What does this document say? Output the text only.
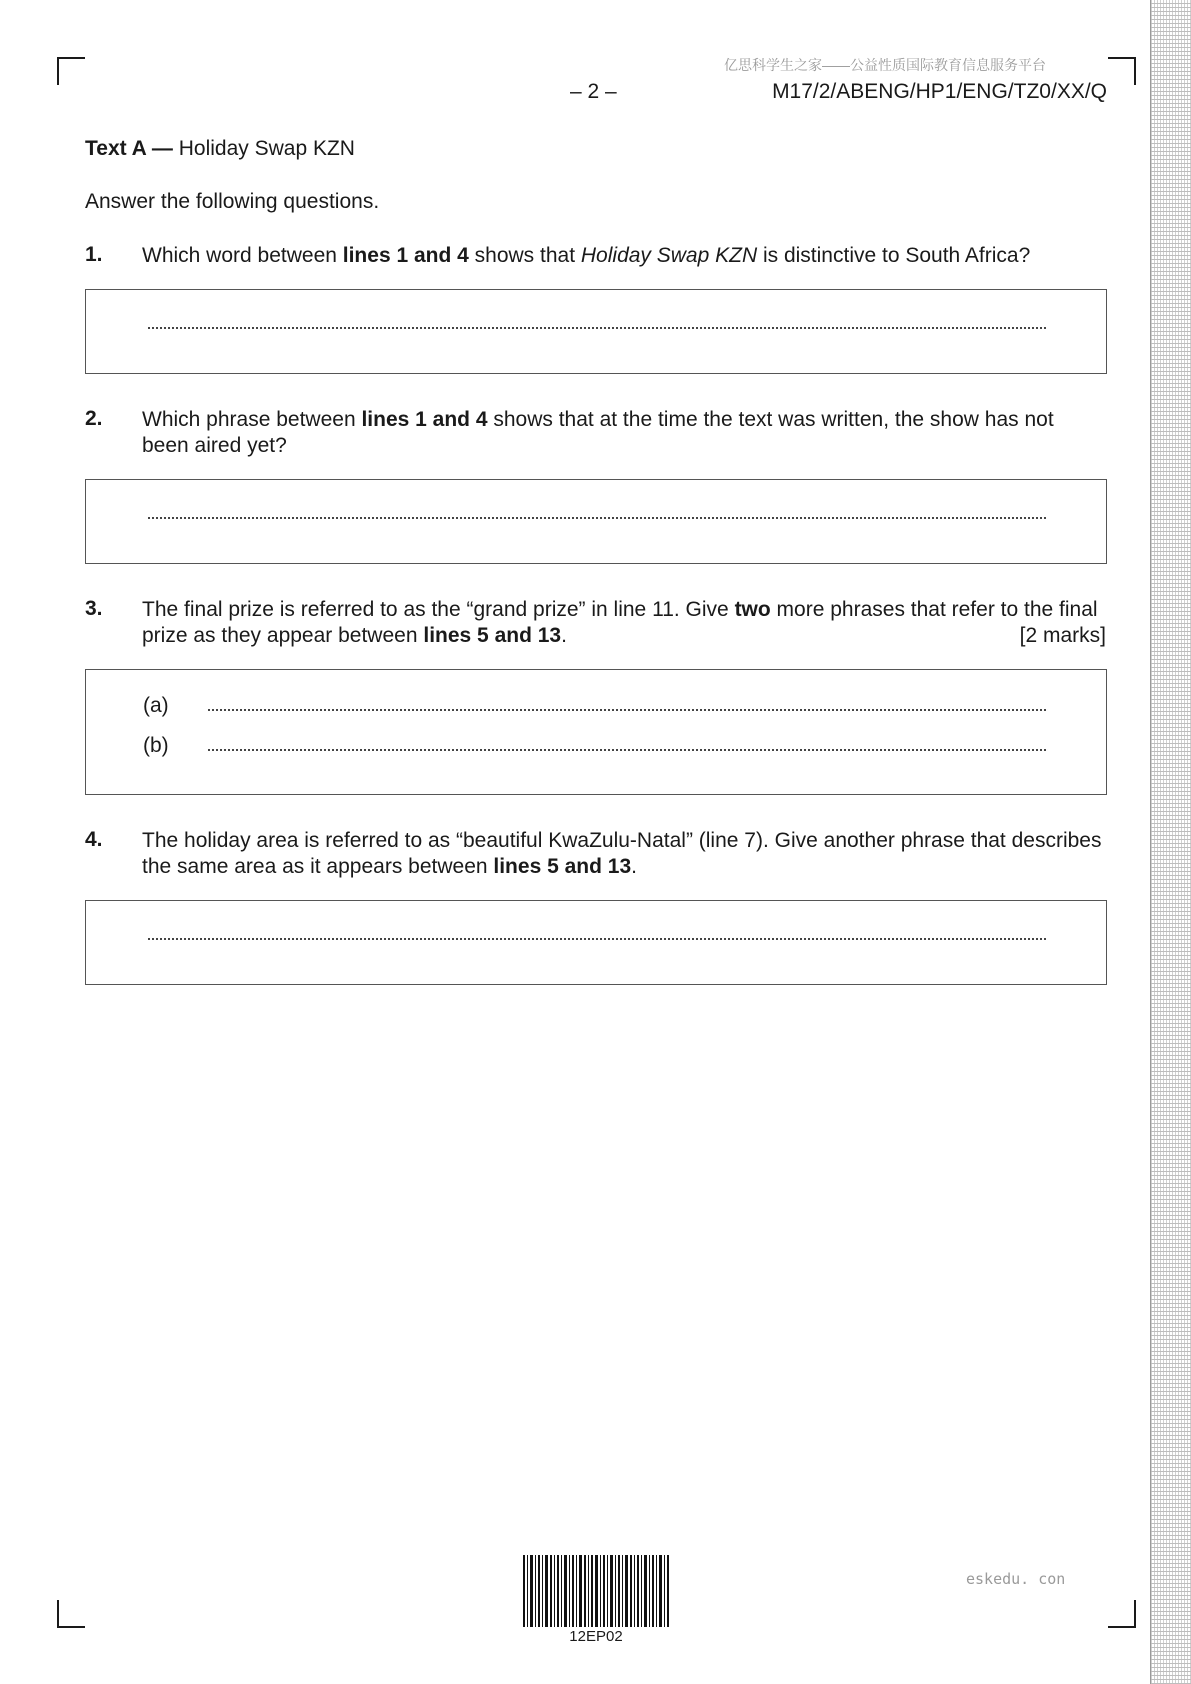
亿思科学生之家——公益性质国际教育信息服务平台
– 2 –	M17/2/ABENG/HP1/ENG/TZ0/XX/Q
Text A — Holiday Swap KZN
Answer the following questions.
1. Which word between lines 1 and 4 shows that Holiday Swap KZN is distinctive to South Africa?
2. Which phrase between lines 1 and 4 shows that at the time the text was written, the show has not been aired yet?
3. The final prize is referred to as the “grand prize” in line 11. Give two more phrases that refer to the final prize as they appear between lines 5 and 13.	[2 marks]
(a)
(b)
4. The holiday area is referred to as “beautiful KwaZulu-Natal” (line 7). Give another phrase that describes the same area as it appears between lines 5 and 13.
12EP02
eskedu. con
